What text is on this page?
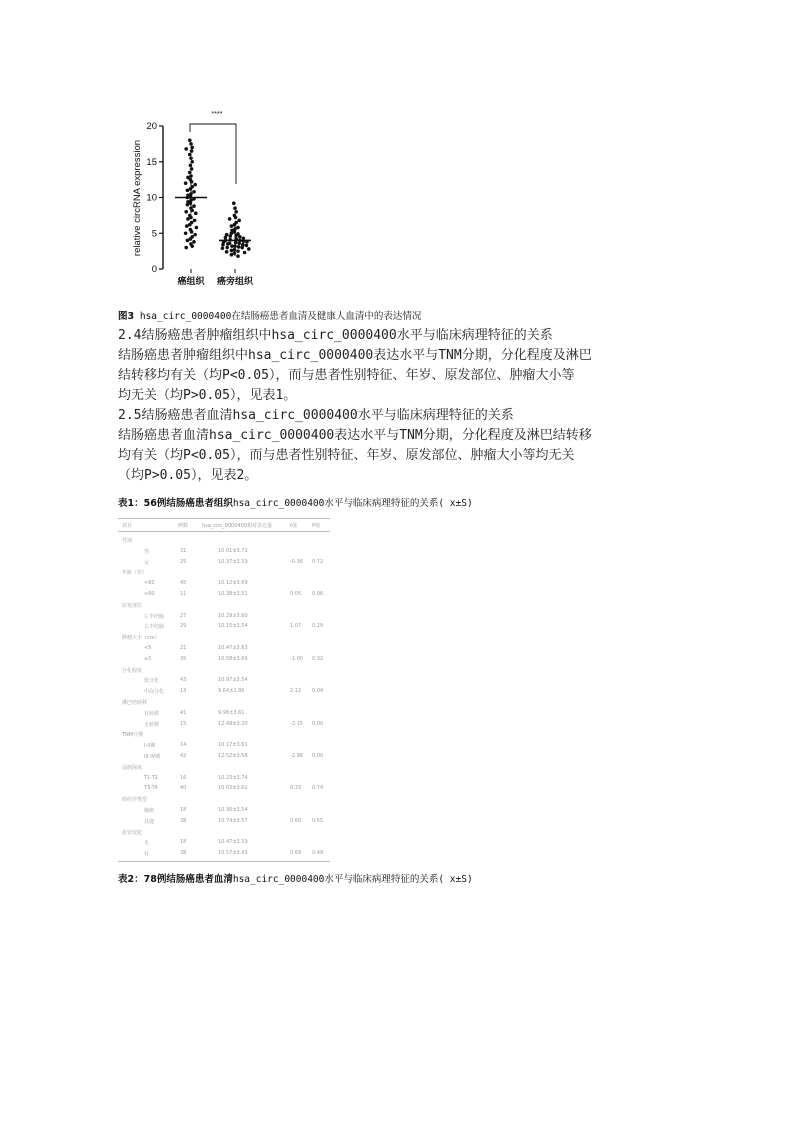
relative circRNA expression
****
0
5
10
15
20
癌组织 癌旁组织
图3 hsa_circ_0000400在结肠癌患者血清及健康人血清中的表达情况
2.4结肠癌患者肿瘤组织中hsa_circ_0000400水平与临床病理特征的关系
结肠癌患者肿瘤组织中hsa_circ_0000400表达水平与TNM分期，分化程度及淋巴
结转移均有关（均P<0.05），而与患者性别特征、年岁、原发部位、肿瘤大小等
均无关（均P>0.05），见表1。
2.5结肠癌患者血清hsa_circ_0000400水平与临床病理特征的关系
结肠癌患者血清hsa_circ_0000400表达水平与TNM分期，分化程度及淋巴结转移
均有关（均P<0.05），而与患者性别特征、年岁、原发部位、肿瘤大小等均无关
（均P>0.05），见表2。
表1：56例结肠癌患者组织hsa_circ_0000400水平与临床病理特征的关系( x±S)
项目	例数	hsa_circ_0000400相对表达量	t值	P值
性别
男	31	10.01±3.71
女	25	10.37±3.59	-0.36 0.72
年龄（岁）
<60	45	10.12±3.69
≥60	11	10.38±3.51	0.05 0.96
原发部位
左半结肠	27	10.29±3.60
右半结肠	29	10.15±3.54	1.07 0.29
肿瘤大小（cm）
<5	21	10.47±3.63
≥5	35	10.58±3.66	-1.00 0.32
分化程度
低分化	43	10.97±3.54
中高分化	13	9.64±2.86	2.12 0.04
淋巴结转移
有转移	41	9.96±3.61
无转移	15	12.49±3.20	-3.15 0.00
TNM分期
I-II期	14	10.17±3.61
III-IV期	42	12.52±3.58	-2.98 0.00
浸润深度
T1-T2	16	10.23±3.74
T3-T4	40	10.02±3.62	0.33 0.74
组织学类型
腺癌	18	10.30±3.54
其他	38	10.74±3.57	0.60 0.55
血管侵犯
无	18	10.47±3.59
有	38	10.57±3.43	0.69 0.49
表2：78例结肠癌患者血清hsa_circ_0000400水平与临床病理特征的关系( x±S)
